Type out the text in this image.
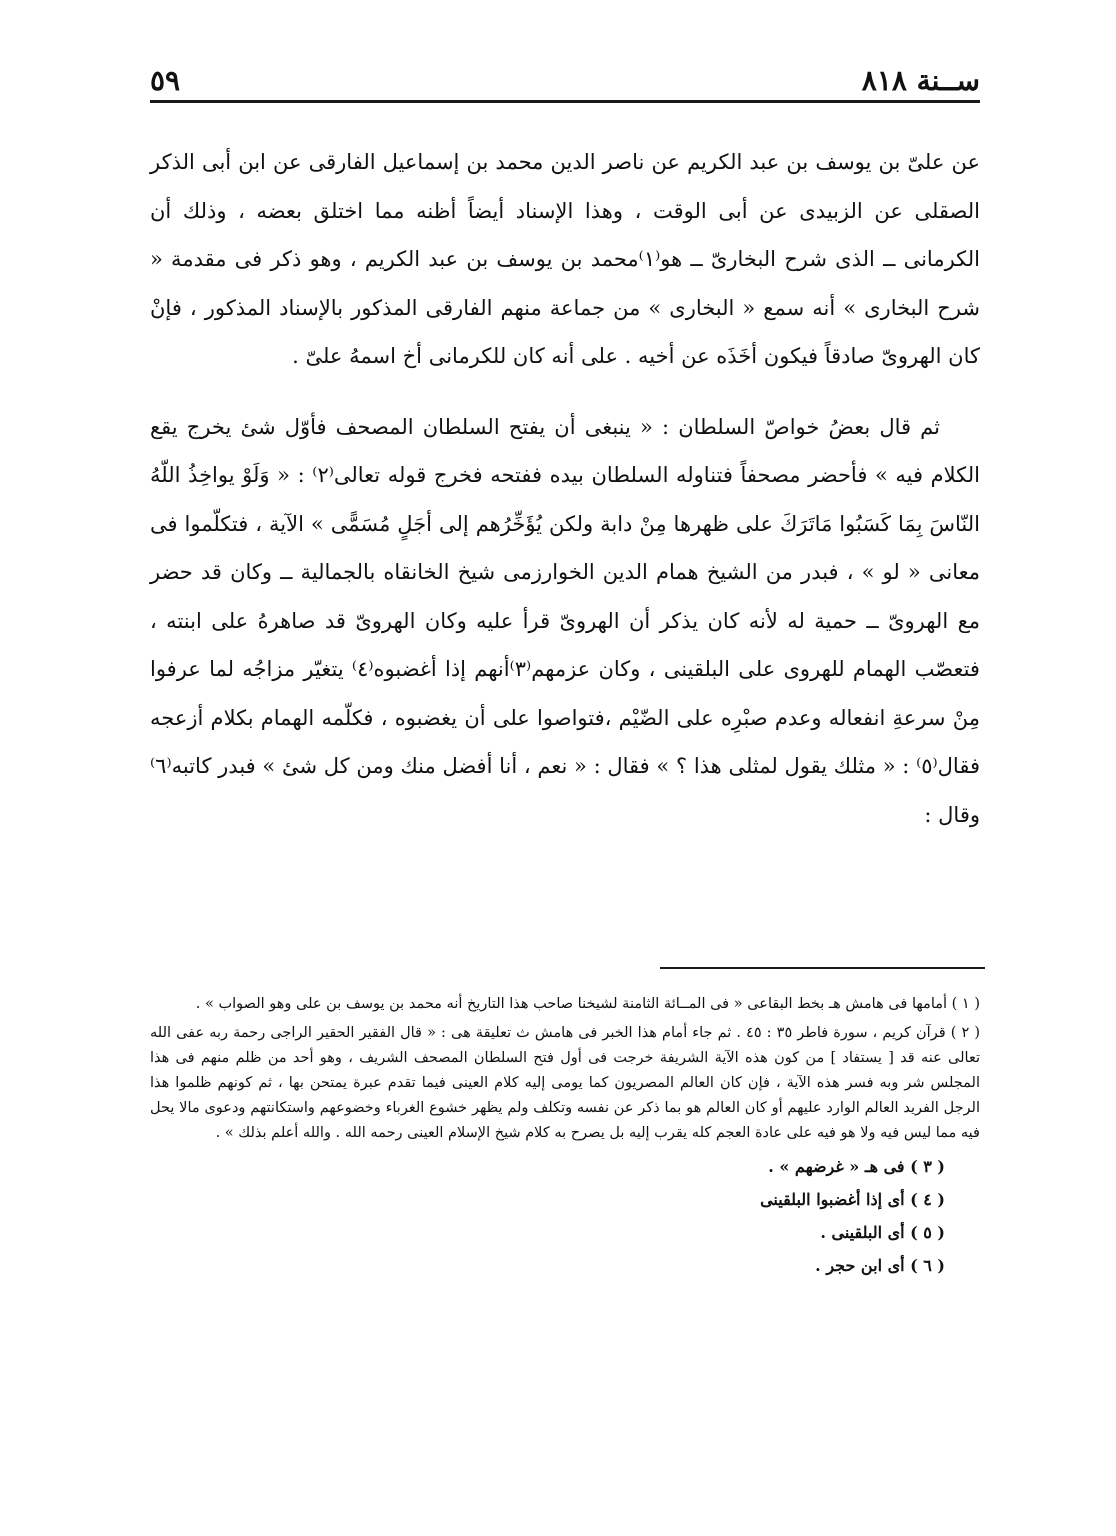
ســنة ٨١٨
٥٩

عن علىّ بن يوسف بن عبد الكريم عن ناصر الدين محمد بن إسماعيل الفارقى عن ابن أبى الذكر الصقلى عن الزبيدى عن أبى الوقت ، وهذا الإسناد أيضاً أظنه مما اختلق بعضه ، وذلك أن الكرمانى ــ الذى شرح البخارىّ ــ هو⁽١⁾محمد بن يوسف بن عبد الكريم ، وهو ذكر فى مقدمة « شرح البخارى » أنه سمع « البخارى » من جماعة منهم الفارقى المذكور بالإسناد المذكور ، فإنْ كان الهروىّ صادقاً فيكون أخَذَه عن أخيه . على أنه كان للكرمانى أخ اسمهُ علىّ .

ثم قال بعضُ خواصّ السلطان : « ينبغى أن يفتح السلطان المصحف فأوّل شئ يخرج يقع الكلام فيه » فأحضر مصحفاً فتناوله السلطان بيده ففتحه فخرج قوله تعالى⁽٢⁾ : « وَلَوْ يواخِذُ اللّهُ النّاسَ بِمَا كَسَبُوا مَاتَرَكَ على ظهرها مِنْ دابة ولكن يُؤَخِّرُهم إلى أجَلٍ مُسَمًّى » الآية ، فتكلّموا فى معانى « لو » ، فبدر من الشيخ همام الدين الخوارزمى شيخ الخانقاه بالجمالية ــ وكان قد حضر مع الهروىّ ــ حمية له لأنه كان يذكر أن الهروىّ قرأ عليه وكان الهروىّ قد صاهرهُ على ابنته ، فتعصّب الهمام للهروى على البلقينى ، وكان عزمهم⁽٣⁾أنهم إذا أغضبوه⁽٤⁾ يتغيّر مزاجُه لما عرفوا مِنْ سرعةِ انفعاله وعدم صبْرِه على الضّيْم ،فتواصوا على أن يغضبوه ، فكلّمه الهمام بكلام أزعجه فقال⁽٥⁾ : « مثلك يقول لمثلى هذا ؟ » فقال : « نعم ، أنا أفضل منك ومن كل شئ » فبدر كاتبه⁽٦⁾ وقال :

( ١ ) أمامها فى هامش هـ بخط البقاعى « فى المــائة الثامنة لشيخنا صاحب هذا التاريخ أنه محمد بن يوسف بن على وهو الصواب » .

( ٢ ) قرآن كريم ، سورة فاطر ٣٥ : ٤٥ . ثم جاء أمام هذا الخبر فى هامش ث تعليقة هى : « قال الفقير الحقير الراجى رحمة ربه عفى الله تعالى عنه قد [ يستفاد ] من كون هذه الآية الشريفة خرجت فى أول فتح السلطان المصحف الشريف ، وهو أحد من ظلم منهم فى هذا المجلس شر وبه فسر هذه الآية ، فإن كان العالم المصريون كما يومى إليه كلام العينى فيما تقدم عبرة يمتحن بها ، ثم كونهم ظلموا هذا الرجل الفريد العالم الوارد عليهم أو كان العالم هو بما ذكر عن نفسه وتكلف ولم يظهر خشوع الغرباء وخضوعهم واستكانتهم ودعوى مالا يحل فيه مما ليس فيه ولا هو فيه على عادة العجم كله يقرب إليه بل يصرح به كلام شيخ الإسلام العينى رحمه الله . والله أعلم بذلك » .

( ٣ ) فى هـ « غرضهم » .

( ٤ ) أى إذا أغضبوا البلقينى

( ٥ ) أى البلقينى .

( ٦ ) أى ابن حجر .
